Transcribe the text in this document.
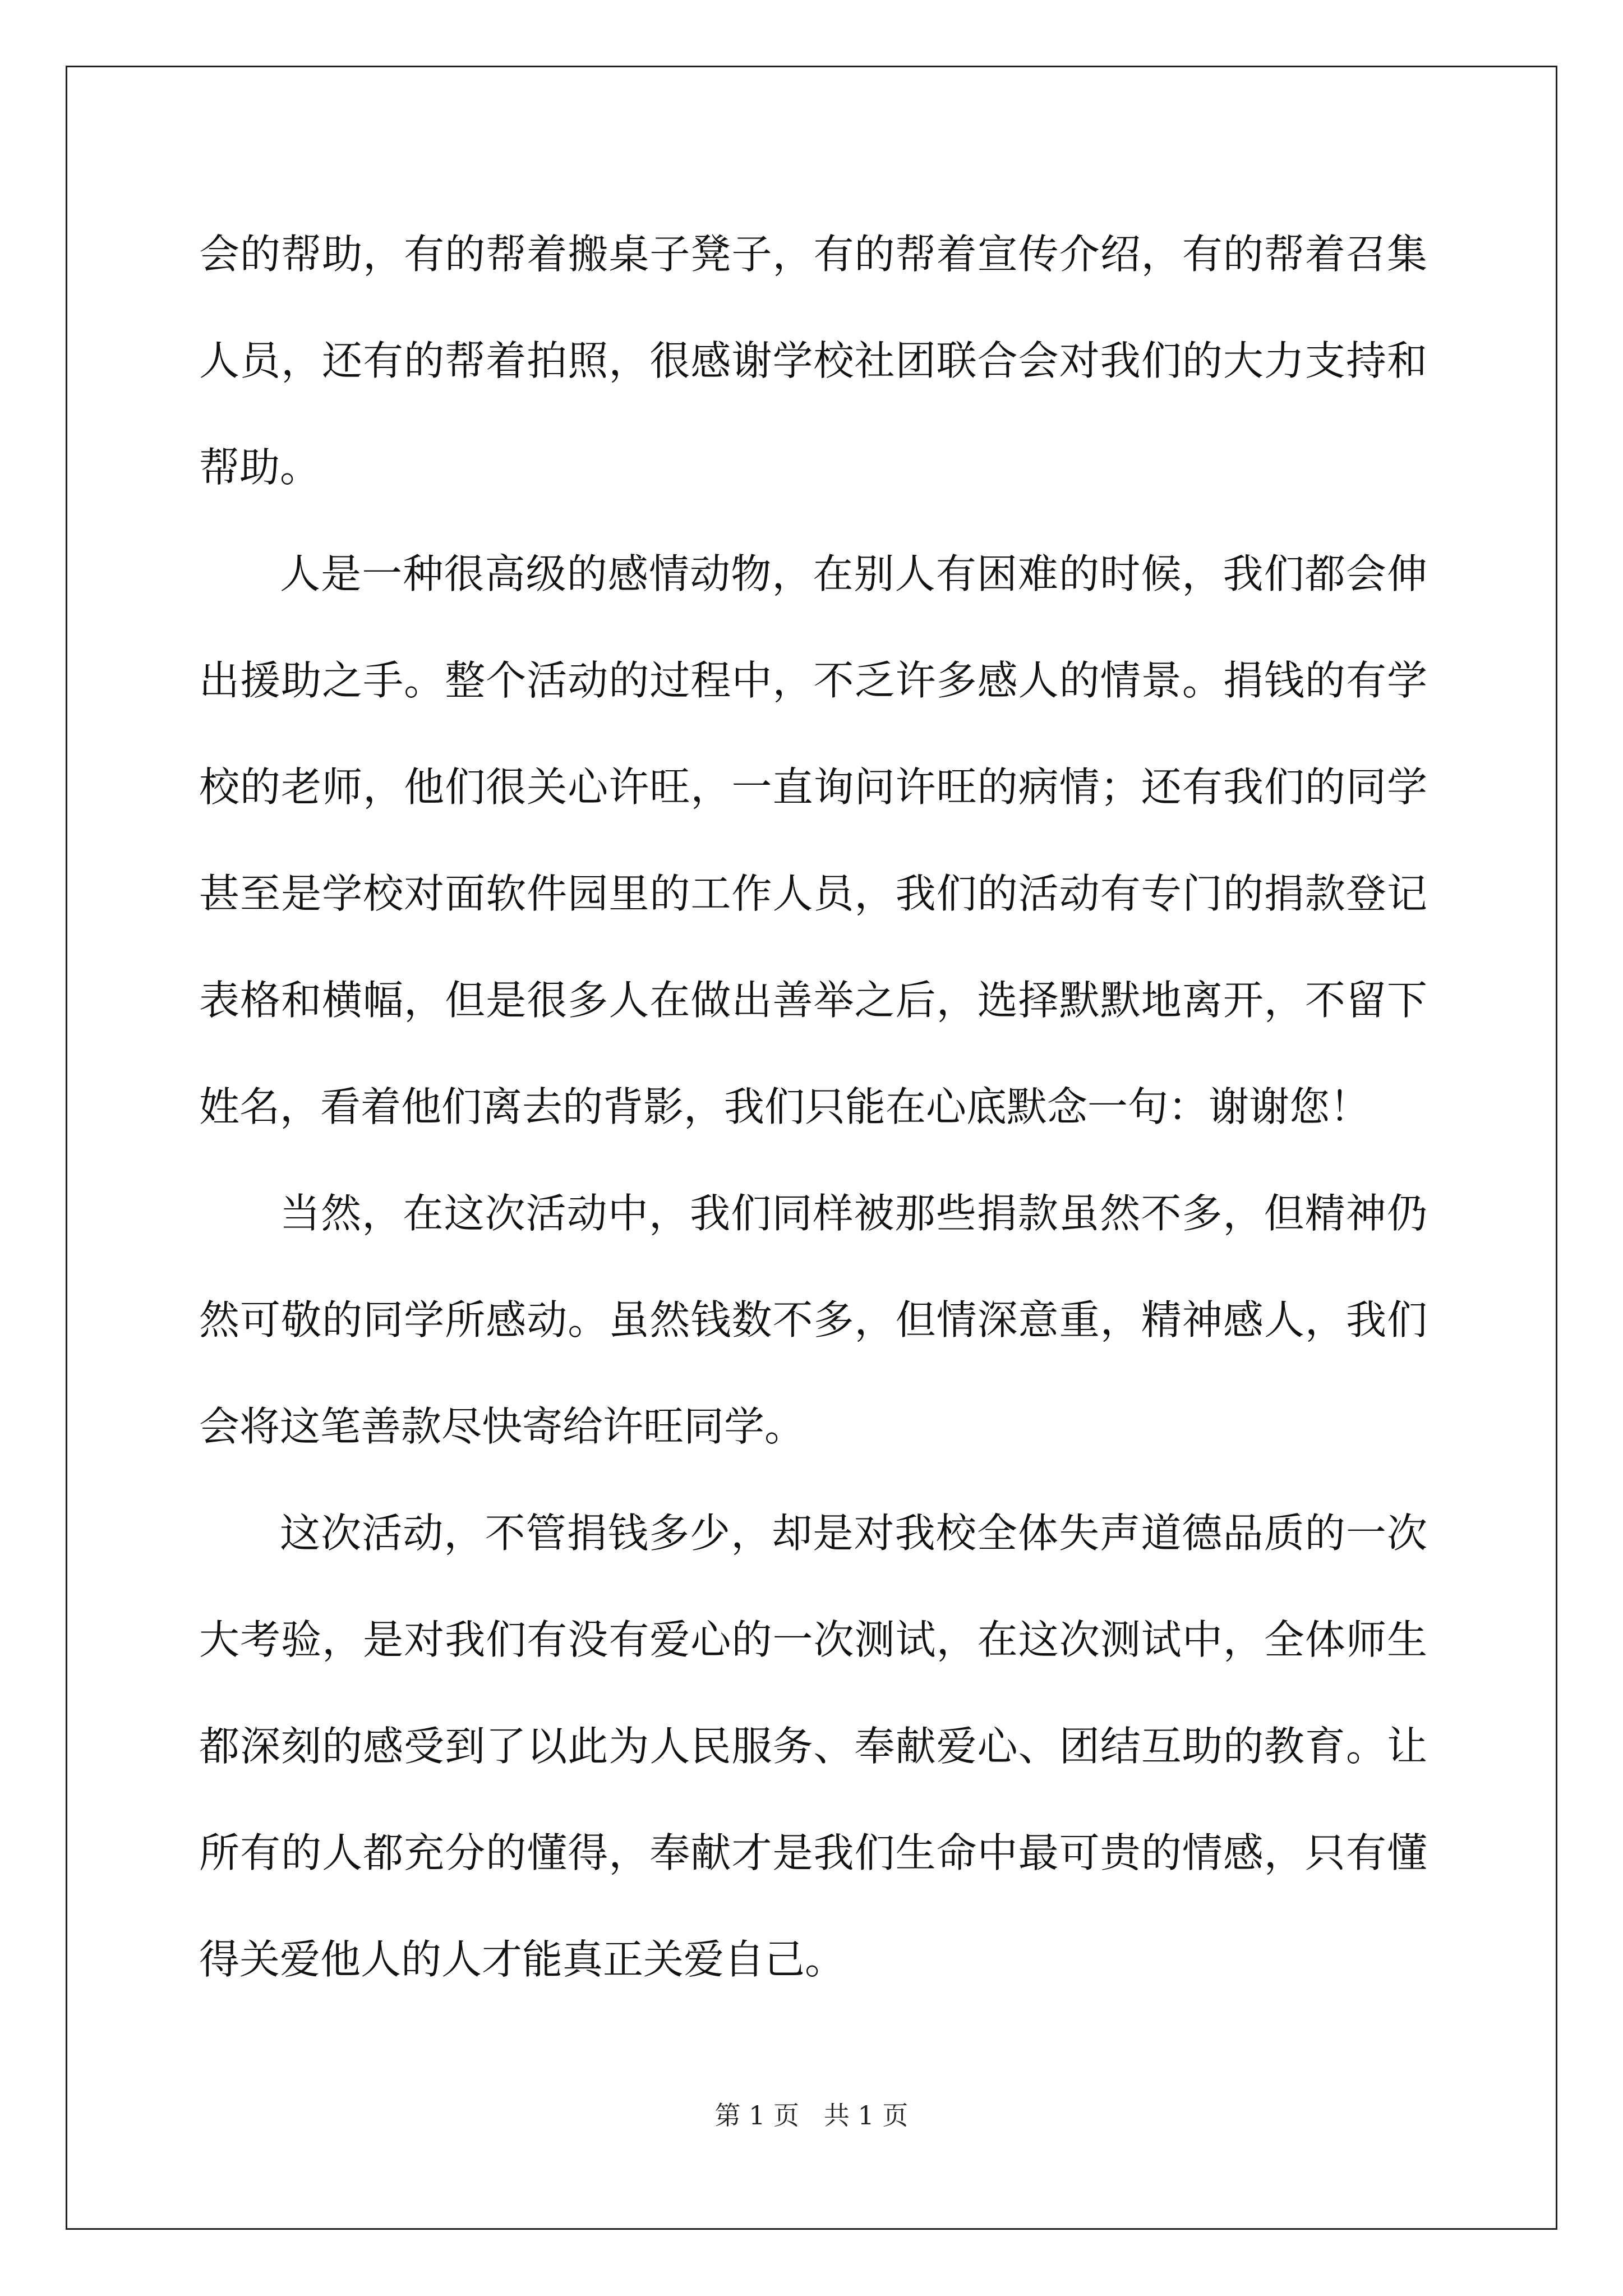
会的帮助，有的帮着搬桌子凳子，有的帮着宣传介绍，有的帮着召集
人员，还有的帮着拍照，很感谢学校社团联合会对我们的大力支持和
帮助。
人是一种很高级的感情动物，在别人有困难的时候，我们都会伸
出援助之手。整个活动的过程中，不乏许多感人的情景。捐钱的有学
校的老师，他们很关心许旺，一直询问许旺的病情；还有我们的同学
甚至是学校对面软件园里的工作人员，我们的活动有专门的捐款登记
表格和横幅，但是很多人在做出善举之后，选择默默地离开，不留下
姓名，看着他们离去的背影，我们只能在心底默念一句：谢谢您！
当然，在这次活动中，我们同样被那些捐款虽然不多，但精神仍
然可敬的同学所感动。虽然钱数不多，但情深意重，精神感人，我们
会将这笔善款尽快寄给许旺同学。
这次活动，不管捐钱多少，却是对我校全体失声道德品质的一次
大考验，是对我们有没有爱心的一次测试，在这次测试中，全体师生
都深刻的感受到了以此为人民服务、奉献爱心、团结互助的教育。让
所有的人都充分的懂得，奉献才是我们生命中最可贵的情感，只有懂
得关爱他人的人才能真正关爱自己。
第 1 页   共 1 页
